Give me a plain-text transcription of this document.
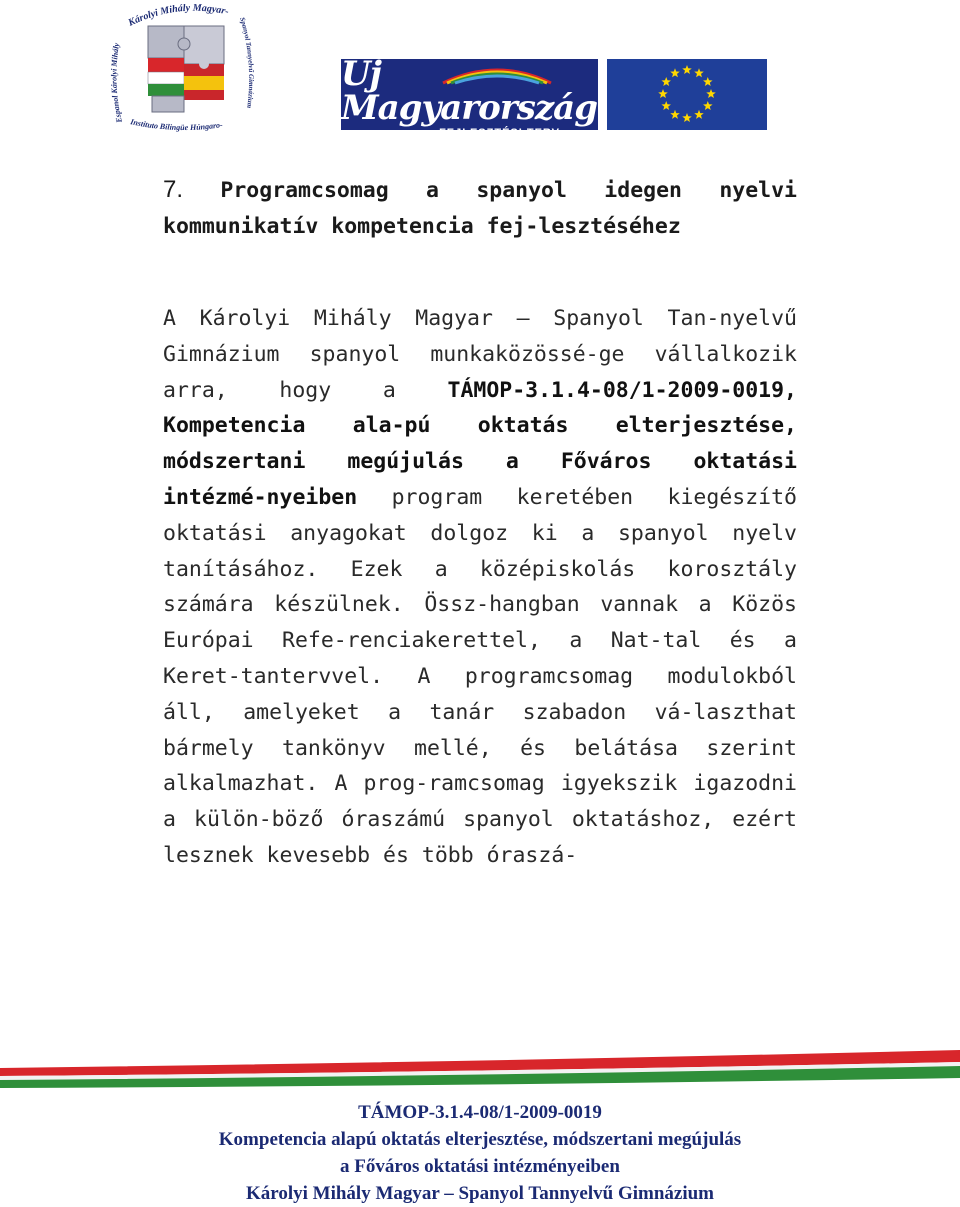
Károlyi Mihály Magyar-
Espanol Károlyi Mihály
Spanyol Tannyelvű Gimnázium
Instituto Bilingüe Húngaro-
Új Magyarország
FEJLESZTÉSI TERV
7. Programcsomag a spanyol idegen nyelvi kommunikatív kompetencia fej-lesztéséhez
A Károlyi Mihály Magyar – Spanyol Tan-nyelvű Gimnázium spanyol munkaközössé-ge vállalkozik arra, hogy a TÁMOP-3.1.4-08/1-2009-0019, Kompetencia ala-pú oktatás elterjesztése, módszertani megújulás a Főváros oktatási intézmé-nyeiben program keretében kiegészítő oktatási anyagokat dolgoz ki a spanyol nyelv tanításához. Ezek a középiskolás korosztály számára készülnek. Össz-hangban vannak a Közös Európai Refe-renciakerettel, a Nat-tal és a Keret-tantervvel. A programcsomag modulokból áll, amelyeket a tanár szabadon vá-laszthat bármely tankönyv mellé, és belátása szerint alkalmazhat. A prog-ramcsomag igyekszik igazodni a külön-böző óraszámú spanyol oktatáshoz, ezért lesznek kevesebb és több óraszá-
TÁMOP-3.1.4-08/1-2009-0019
Kompetencia alapú oktatás elterjesztése, módszertani megújulás
a Főváros oktatási intézményeiben
Károlyi Mihály Magyar – Spanyol Tannyelvű Gimnázium
